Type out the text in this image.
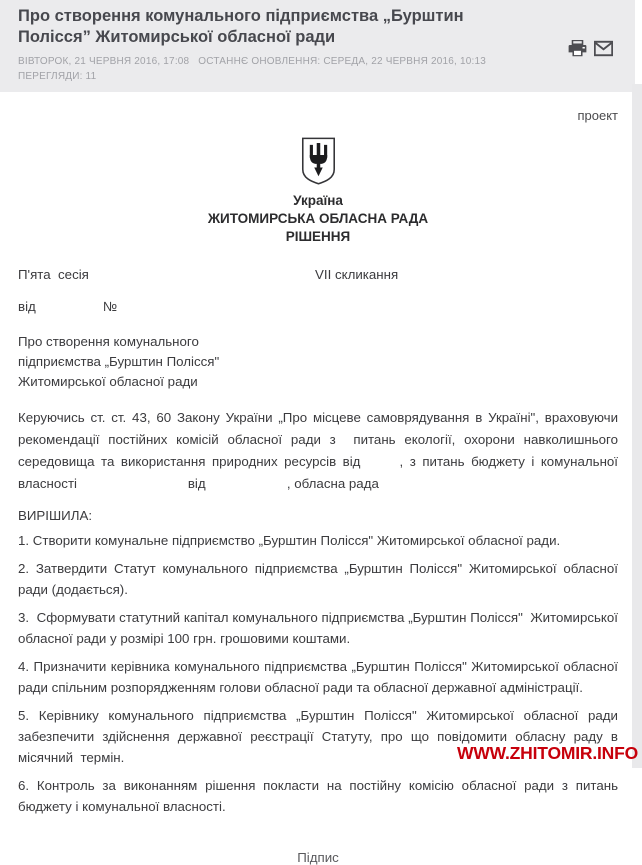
Про створення комунального підприємства „Бурштин Полісся” Житомирської обласної ради
ВІВТОРОК, 21 ЧЕРВНЯ 2016, 17:08   ОСТАННЄ ОНОВЛЕННЯ: СЕРЕДА, 22 ЧЕРВНЯ 2016, 10:13   ПЕРЕГЛЯДИ: 11
проект
Україна
ЖИТОМИРСЬКА ОБЛАСНА РАДА
РІШЕННЯ
П'ята  сесія	VII скликання
від	№
Про створення комунального підприємства „Бурштин Полісся" Житомирської обласної ради

Керуючись ст. ст. 43, 60 Закону України „Про місцеве самоврядування в Україні", враховуючи рекомендації постійних комісій обласної ради з  питань екології, охорони навколишнього середовища та використання природних ресурсів від      , з питань бюджету і комунальної власності                              від                      , обласна рада

ВИРІШИЛА:

1. Створити комунальне підприємство „Бурштин Полісся" Житомирської обласної ради.

2. Затвердити Статут комунального підприємства „Бурштин Полісся" Житомирської обласної ради (додається).

3.  Сформувати статутний капітал комунального підприємства „Бурштин Полісся"  Житомирської обласної ради у розмірі 100 грн. грошовими коштами.

4. Призначити керівника комунального підприємства „Бурштин Полісся" Житомирської обласної ради спільним розпорядженням голови обласної ради та обласної державної адміністрації.

5. Керівнику комунального підприємства „Бурштин Полісся" Житомирської обласної ради забезпечити здійснення державної реєстрації Статуту, про що повідомити обласну раду в місячний  термін.

6. Контроль за виконанням рішення покласти на постійну комісію обласної ради з питань бюджету і комунальної власності.

Підпис
WWW.ZHITOMIR.INFO
